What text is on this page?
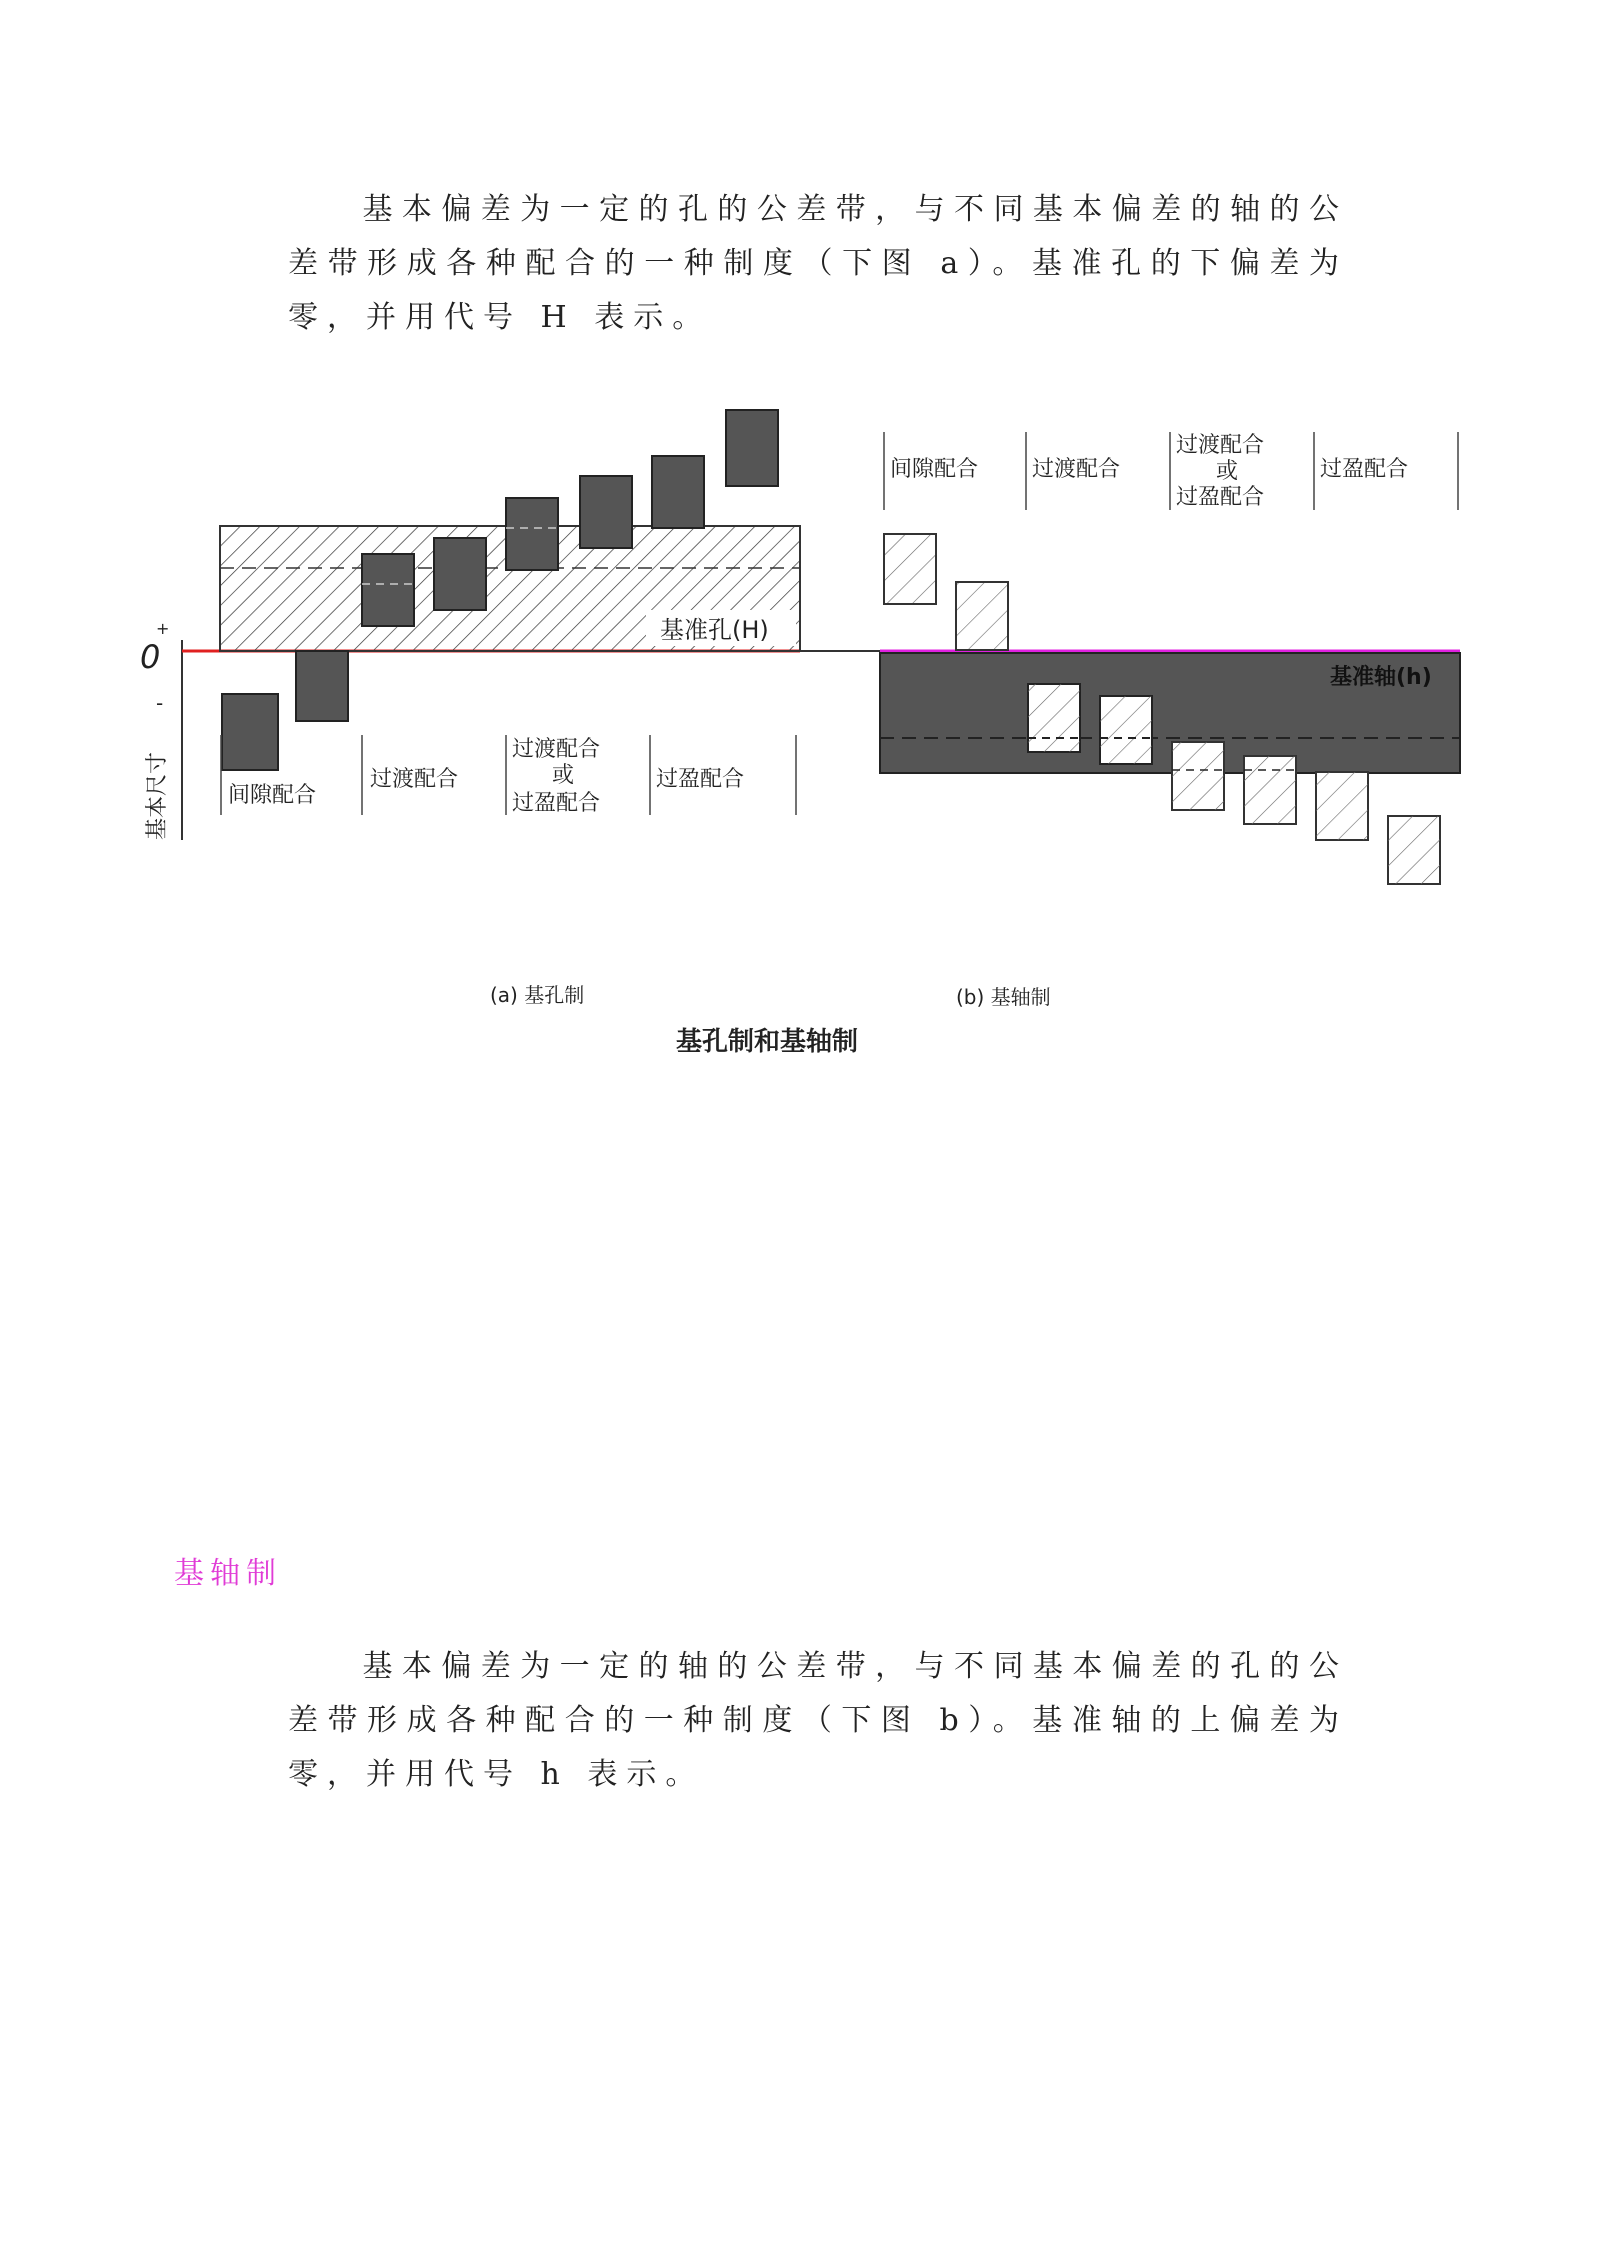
基本偏差为一定的孔的公差带，与不同基本偏差的轴的公差带形成各种配合的一种制度（下图 a）。基准孔的下偏差为零，并用代号 H 表示。

+
0
-
基本尺寸
基准孔(H)
间隙配合
过渡配合
过渡配合
或
过盈配合
过盈配合
基准轴(h)
间隙配合 过渡配合
过渡配合
或
过盈配合
过盈配合
(a) 基孔制	(b) 基轴制
基孔制和基轴制
基轴制

基本偏差为一定的轴的公差带，与不同基本偏差的孔的公差带形成各种配合的一种制度（下图 b）。基准轴的上偏差为零，并用代号 h 表示。
